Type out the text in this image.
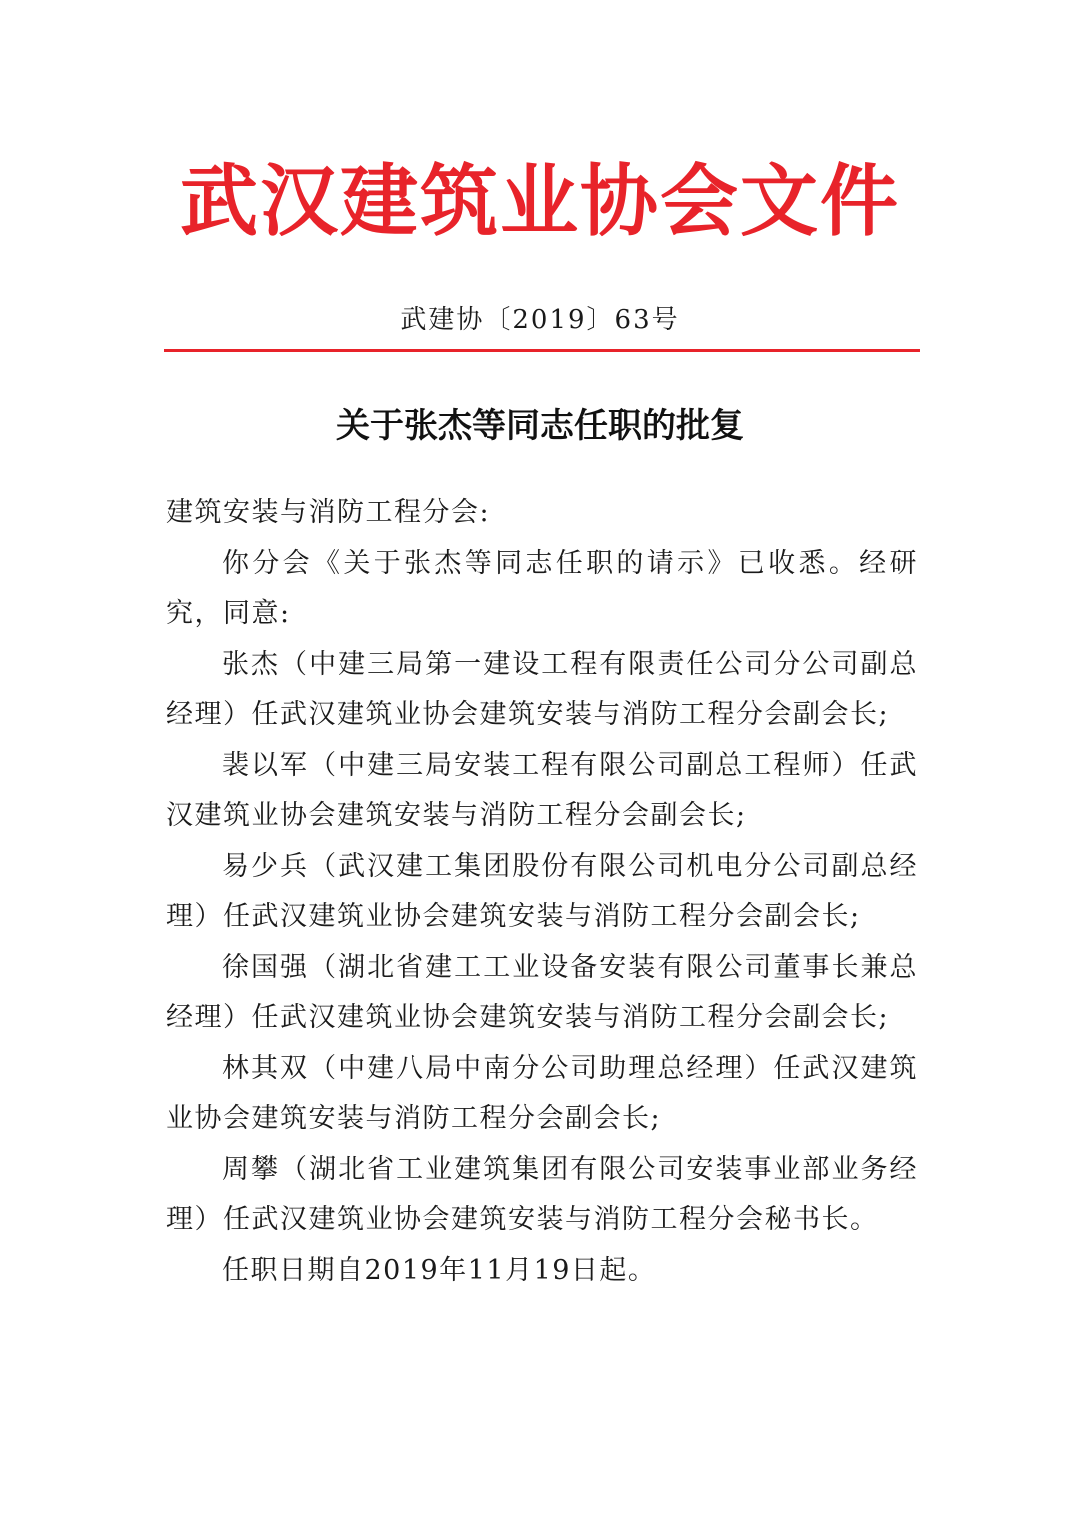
武汉建筑业协会文件
武建协〔2019〕63号
关于张杰等同志任职的批复

建筑安装与消防工程分会:

你分会《关于张杰等同志任职的请示》已收悉。经研究，同意:

张杰（中建三局第一建设工程有限责任公司分公司副总经理）任武汉建筑业协会建筑安装与消防工程分会副会长;

裴以军（中建三局安装工程有限公司副总工程师）任武汉建筑业协会建筑安装与消防工程分会副会长;

易少兵（武汉建工集团股份有限公司机电分公司副总经理）任武汉建筑业协会建筑安装与消防工程分会副会长;

徐国强（湖北省建工工业设备安装有限公司董事长兼总经理）任武汉建筑业协会建筑安装与消防工程分会副会长;

林其双（中建八局中南分公司助理总经理）任武汉建筑业协会建筑安装与消防工程分会副会长;

周攀（湖北省工业建筑集团有限公司安装事业部业务经理）任武汉建筑业协会建筑安装与消防工程分会秘书长。

任职日期自2019年11月19日起。
